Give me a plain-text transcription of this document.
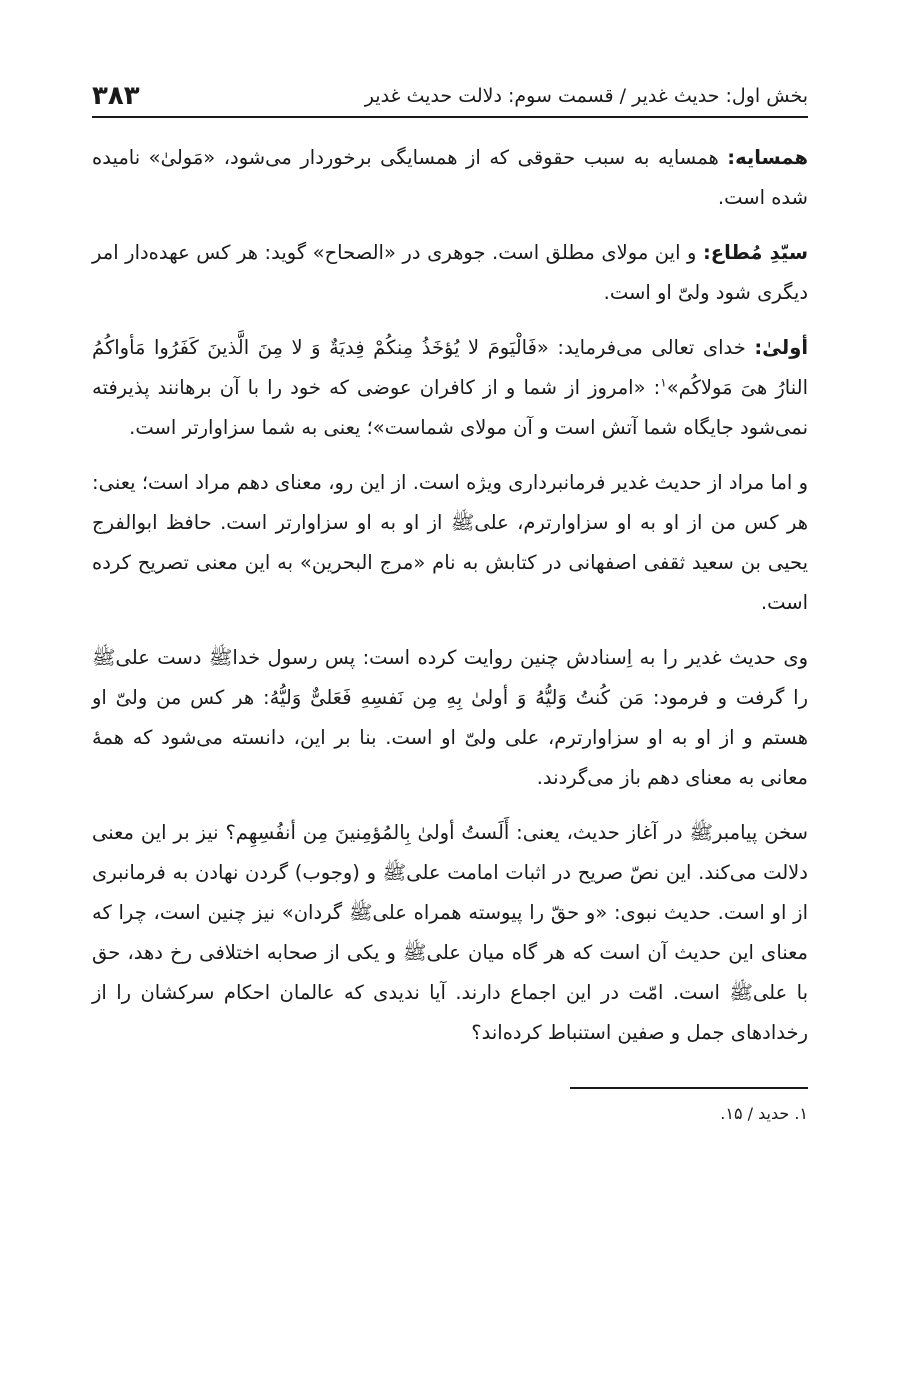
بخش اول: حدیث غدیر / قسمت سوم: دلالت حدیث غدیر
۳۸۳

همسایه: همسایه به سبب حقوقی که از همسایگی برخوردار می‌شود، «مَولیٰ» نامیده شده است.

سیّدِ مُطاع: و این مولای مطلق است. جوهری در «الصحاح» گوید: هر کس عهده‌دار امر دیگری شود ولیّ او است.

أولیٰ: خدای تعالی می‌فرماید: «فَالْیَومَ لا یُؤخَذُ مِنکُمْ فِدیَةٌ وَ لا مِنَ الَّذینَ کَفَرُوا مَأواکُمُ النارُ هیَ مَولاکُم»$^۱$: «امروز از شما و از کافران عوضی که خود را با آن برهانند پذیرفته نمی‌شود جایگاه شما آتش است و آن مولای شماست»؛ یعنی به شما سزاوارتر است.

و اما مراد از حدیث غدیر فرمانبرداری ویژه است. از این رو، معنای دهم مراد است؛ یعنی: هر کس من از او به او سزاوارترم، علیﷺ از او به او سزاوارتر است. حافظ ابوالفرج یحیی بن سعید ثقفی اصفهانی در کتابش به نام «مرج البحرین» به این معنی تصریح کرده است.

وی حدیث غدیر را به اِسنادش چنین روایت کرده است: پس رسول خداﷺ دست علیﷺ را گرفت و فرمود: مَن کُنتُ وَلیُّهُ وَ أولیٰ بِهِ مِن نَفسِهِ فَعَلیٌّ وَلیُّهُ: هر کس من ولیّ او هستم و از او به او سزاوارترم، علی ولیّ او است. بنا بر این، دانسته می‌شود که همهٔ معانی به معنای دهم باز می‌گردند.

سخن پیامبرﷺ در آغاز حدیث، یعنی: أَلَستُ أولیٰ بِالمُؤمِنینَ مِن أنفُسِهِم؟ نیز بر این معنی دلالت می‌کند. این نصّ صریح در اثبات امامت علیﷺ و (وجوب) گردن نهادن به فرمانبری از او است. حدیث نبوی: «و حقّ را پیوسته همراه علیﷺ گردان» نیز چنین است، چرا که معنای این حدیث آن است که هر گاه میان علیﷺ و یکی از صحابه اختلافی رخ دهد، حق با علیﷺ است. امّت در این اجماع دارند. آیا ندیدی که عالمان احکام سرکشان را از رخدادهای جمل و صفین استنباط کرده‌اند؟

۱. حدید / ۱۵.
